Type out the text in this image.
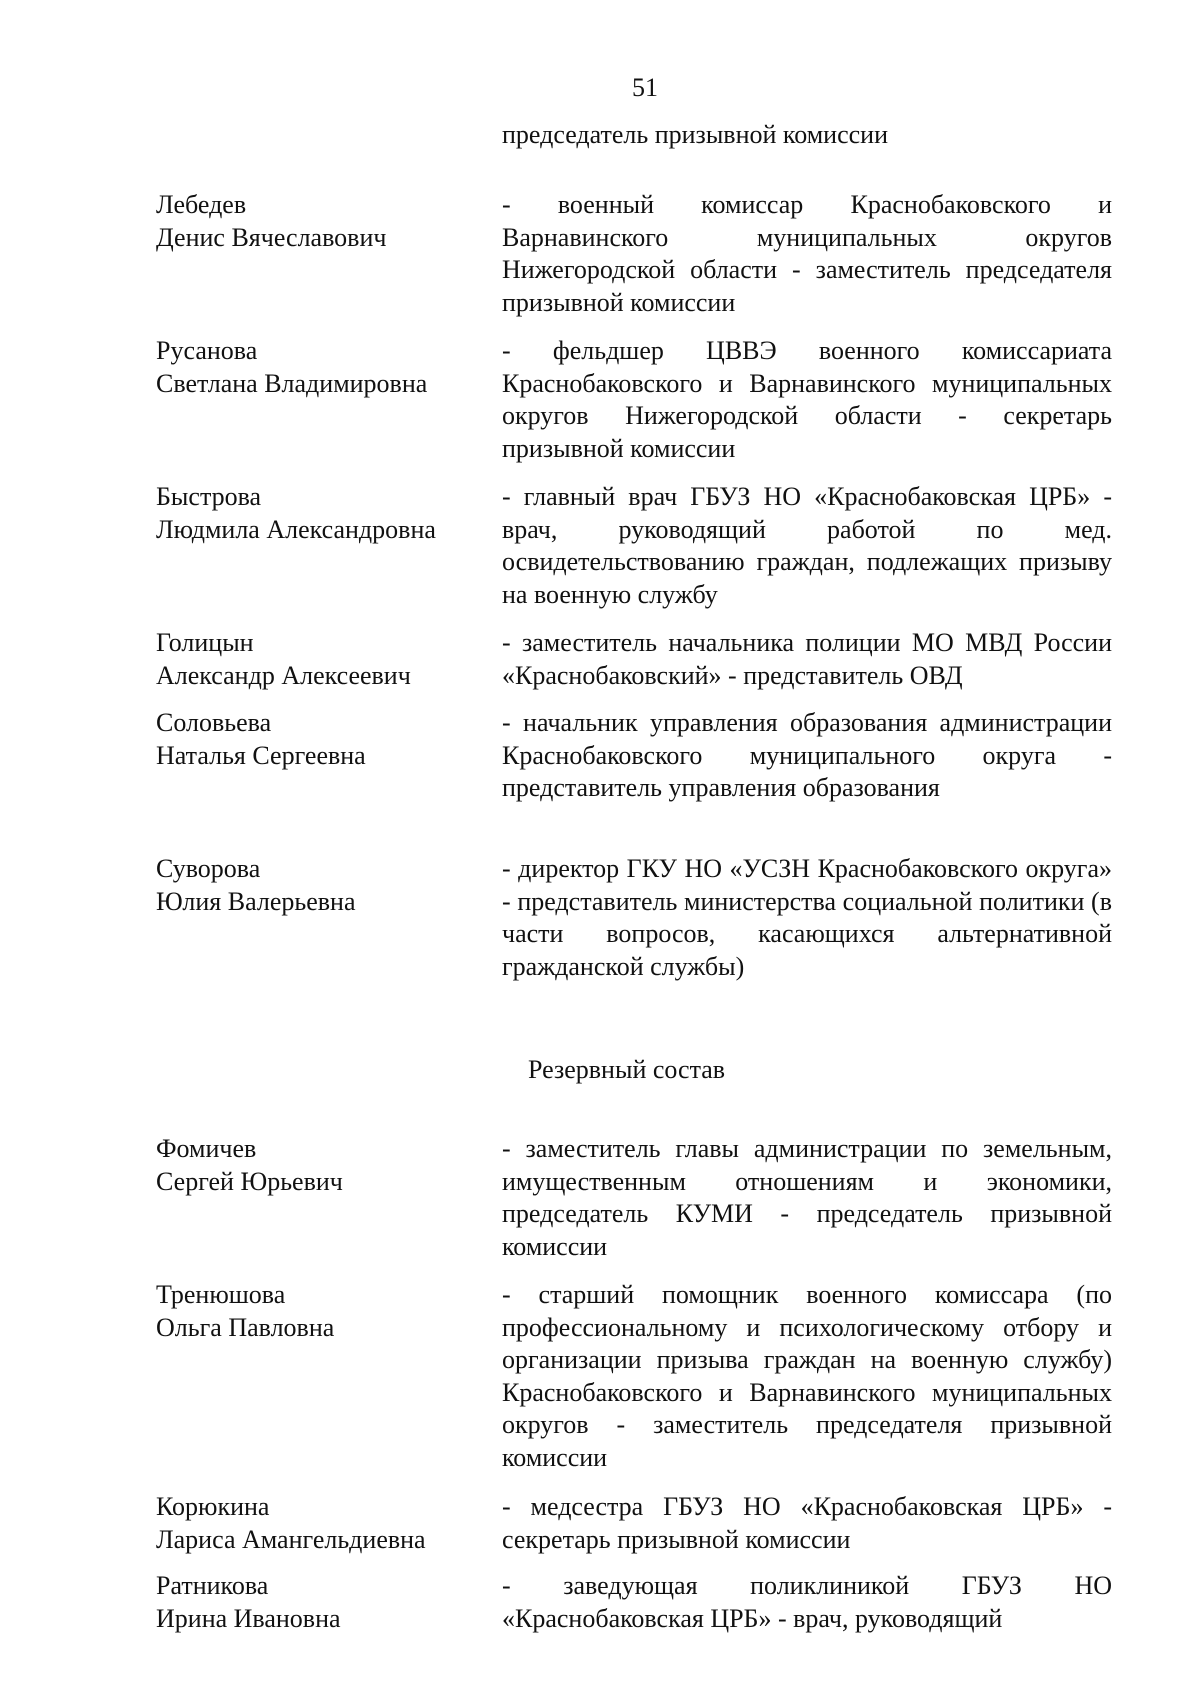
51
председатель призывной комиссии
Лебедев
Денис Вячеславович
- военный комиссар Краснобаковского и Варнавинского муниципальных округов Нижегородской области - заместитель председателя призывной комиссии
Русанова
Светлана Владимировна
- фельдшер ЦВВЭ военного комиссариата Краснобаковского и Варнавинского муниципальных округов Нижегородской области - секретарь призывной комиссии
Быстрова
Людмила Александровна
- главный врач ГБУЗ НО «Краснобаковская ЦРБ» - врач, руководящий работой по мед. освидетельствованию граждан, подлежащих призыву на военную службу
Голицын
Александр Алексеевич
- заместитель начальника полиции МО МВД России «Краснобаковский» - представитель ОВД
Соловьева
Наталья Сергеевна
- начальник управления образования администрации Краснобаковского муниципального округа - представитель управления образования
Суворова
Юлия Валерьевна
- директор ГКУ НО «УСЗН Краснобаковского округа» - представитель министерства социальной политики (в части вопросов, касающихся альтернативной гражданской службы)
Резервный состав
Фомичев
Сергей Юрьевич
- заместитель главы администрации по земельным, имущественным отношениям и экономики, председатель КУМИ - председатель призывной комиссии
Тренюшова
Ольга Павловна
- старший помощник военного комиссара (по профессиональному и психологическому отбору и организации призыва граждан на военную службу) Краснобаковского и Варнавинского муниципальных округов - заместитель председателя призывной комиссии
Корюкина
Лариса Амангельдиевна
- медсестра ГБУЗ НО «Краснобаковская ЦРБ» - секретарь призывной комиссии
Ратникова
Ирина Ивановна
- заведующая поликлиникой ГБУЗ НО «Краснобаковская ЦРБ» - врач, руководящий
